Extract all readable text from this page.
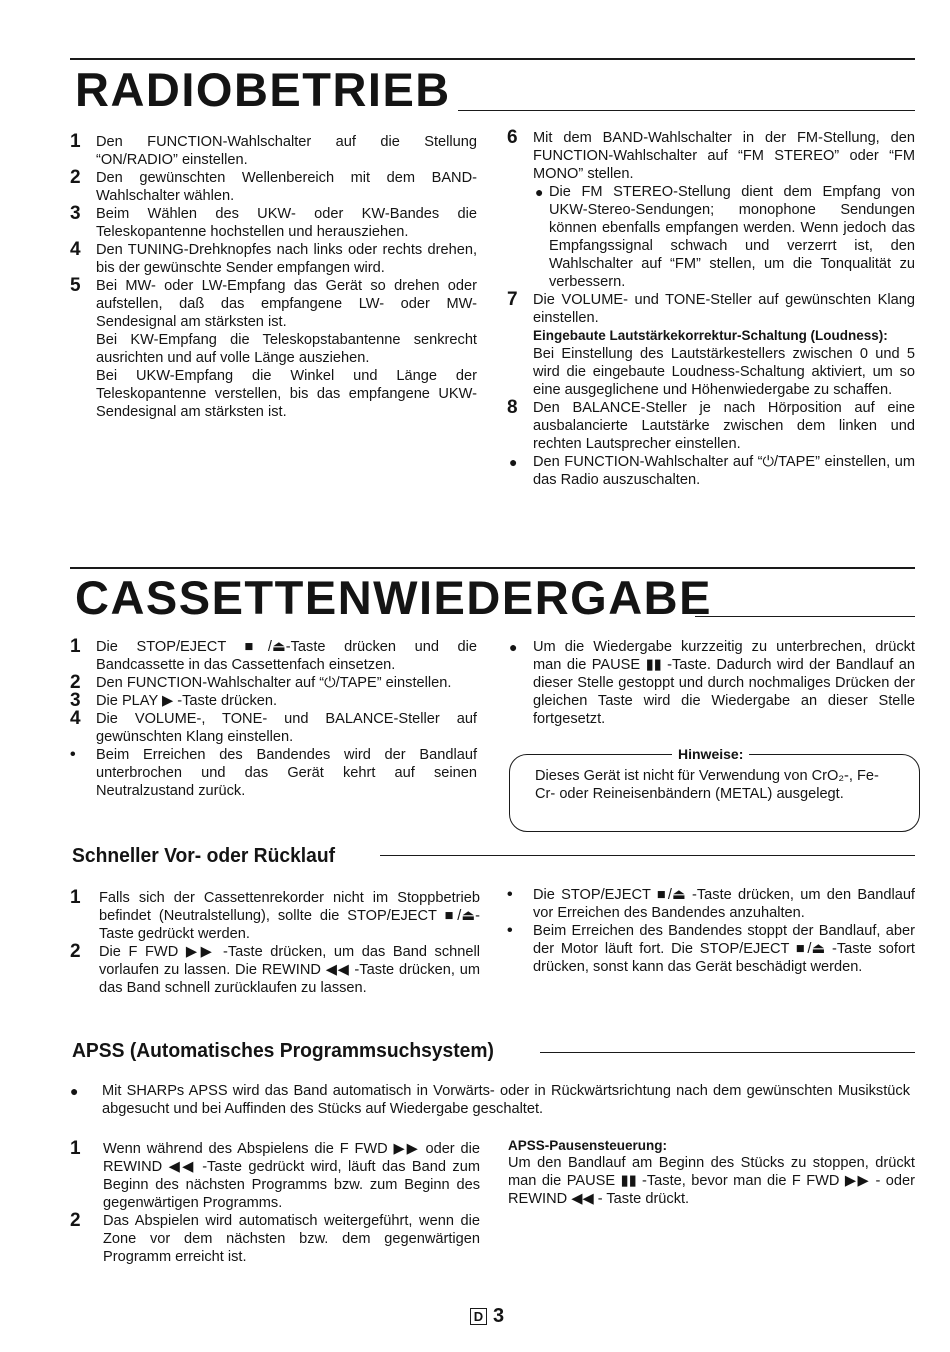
RADIOBETRIEB
1	Den FUNCTION-Wahlschalter auf die Stellung “ON/RADIO” einstellen.
2	Den gewünschten Wellenbereich mit dem BAND-Wahlschalter wählen.
3	Beim Wählen des UKW- oder KW-Bandes die Teleskopantenne hochstellen und herausziehen.
4	Den TUNING-Drehknopfes nach links oder rechts drehen, bis der gewünschte Sender empfangen wird.
5	Bei MW- oder LW-Empfang das Gerät so drehen oder aufstellen, daß das empfangene LW- oder MW-Sendesignal am stärksten ist.
Bei KW-Empfang die Teleskopstabantenne senkrecht ausrichten und auf volle Länge ausziehen.
Bei UKW-Empfang die Winkel und Länge der Teleskopantenne verstellen, bis das empfangene UKW-Sendesignal am stärksten ist.
6	Mit dem BAND-Wahlschalter in der FM-Stellung, den FUNCTION-Wahlschalter auf “FM STEREO” oder “FM MONO” stellen.
● Die FM STEREO-Stellung dient dem Empfang von UKW-Stereo-Sendungen; monophone Sendungen können ebenfalls empfangen werden. Wenn jedoch das Empfangssignal schwach und verzerrt ist, den Wahlschalter auf “FM” stellen, um die Tonqualität zu verbessern.
7	Die VOLUME- und TONE-Steller auf gewünschten Klang einstellen.
Eingebaute Lautstärkekorrektur-Schaltung (Loudness):
Bei Einstellung des Lautstärkestellers zwischen 0 und 5 wird die eingebaute Loudness-Schaltung aktiviert, um so eine ausgeglichene und Höhenwiedergabe zu schaffen.
8	Den BALANCE-Steller je nach Hörposition auf eine ausbalancierte Lautstärke zwischen dem linken und rechten Lautsprecher einstellen.
● Den FUNCTION-Wahlschalter auf “⏻/TAPE” einstellen, um das Radio auszuschalten.
CASSETTENWIEDERGABE
1	Die STOP/EJECT ■/⏏-Taste drücken und die Bandcassette in das Cassettenfach einsetzen.
2	Den FUNCTION-Wahlschalter auf “⏻/TAPE” einstellen.
3	Die PLAY ▶ -Taste drücken.
4	Die VOLUME-, TONE- und BALANCE-Steller auf gewünschten Klang einstellen.
•	Beim Erreichen des Bandendes wird der Bandlauf unterbrochen und das Gerät kehrt auf seinen Neutralzustand zurück.
● Um die Wiedergabe kurzzeitig zu unterbrechen, drückt man die PAUSE ▮▮ -Taste. Dadurch wird der Bandlauf an dieser Stelle gestoppt und durch nochmaliges Drücken der gleichen Taste wird die Wiedergabe an dieser Stelle fortgesetzt.
Hinweise:
Dieses Gerät ist nicht für Verwendung von CrO₂-, Fe-Cr- oder Reineisenbändern (METAL) ausgelegt.
Schneller Vor- oder Rücklauf
1	Falls sich der Cassettenrekorder nicht im Stoppbetrieb befindet (Neutralstellung), sollte die STOP/EJECT ■/⏏-Taste gedrückt werden.
2	Die F FWD ▶▶ -Taste drücken, um das Band schnell vorlaufen zu lassen. Die REWIND ◀◀ -Taste drücken, um das Band schnell zurücklaufen zu lassen.
•	Die STOP/EJECT ■/⏏ -Taste drücken, um den Bandlauf vor Erreichen des Bandendes anzuhalten.
•	Beim Erreichen des Bandendes stoppt der Bandlauf, aber der Motor läuft fort. Die STOP/EJECT ■/⏏ -Taste sofort drücken, sonst kann das Gerät beschädigt werden.
APSS (Automatisches Programmsuchsystem)
● Mit SHARPs APSS wird das Band automatisch in Vorwärts- oder in Rückwärtsrichtung nach dem gewünschten Musikstück abgesucht und bei Auffinden des Stücks auf Wiedergabe geschaltet.
1	Wenn während des Abspielens die F FWD ▶▶ oder die REWIND ◀◀ -Taste gedrückt wird, läuft das Band zum Beginn des nächsten Programms bzw. zum Beginn des gegenwärtigen Programms.
2	Das Abspielen wird automatisch weitergeführt, wenn die Zone vor dem nächsten bzw. dem gegenwärtigen Programm erreicht ist.
APSS-Pausensteuerung:
Um den Bandlauf am Beginn des Stücks zu stoppen, drückt man die PAUSE ▮▮ -Taste, bevor man die F FWD ▶▶ - oder REWIND ◀◀ - Taste drückt.
D 3
